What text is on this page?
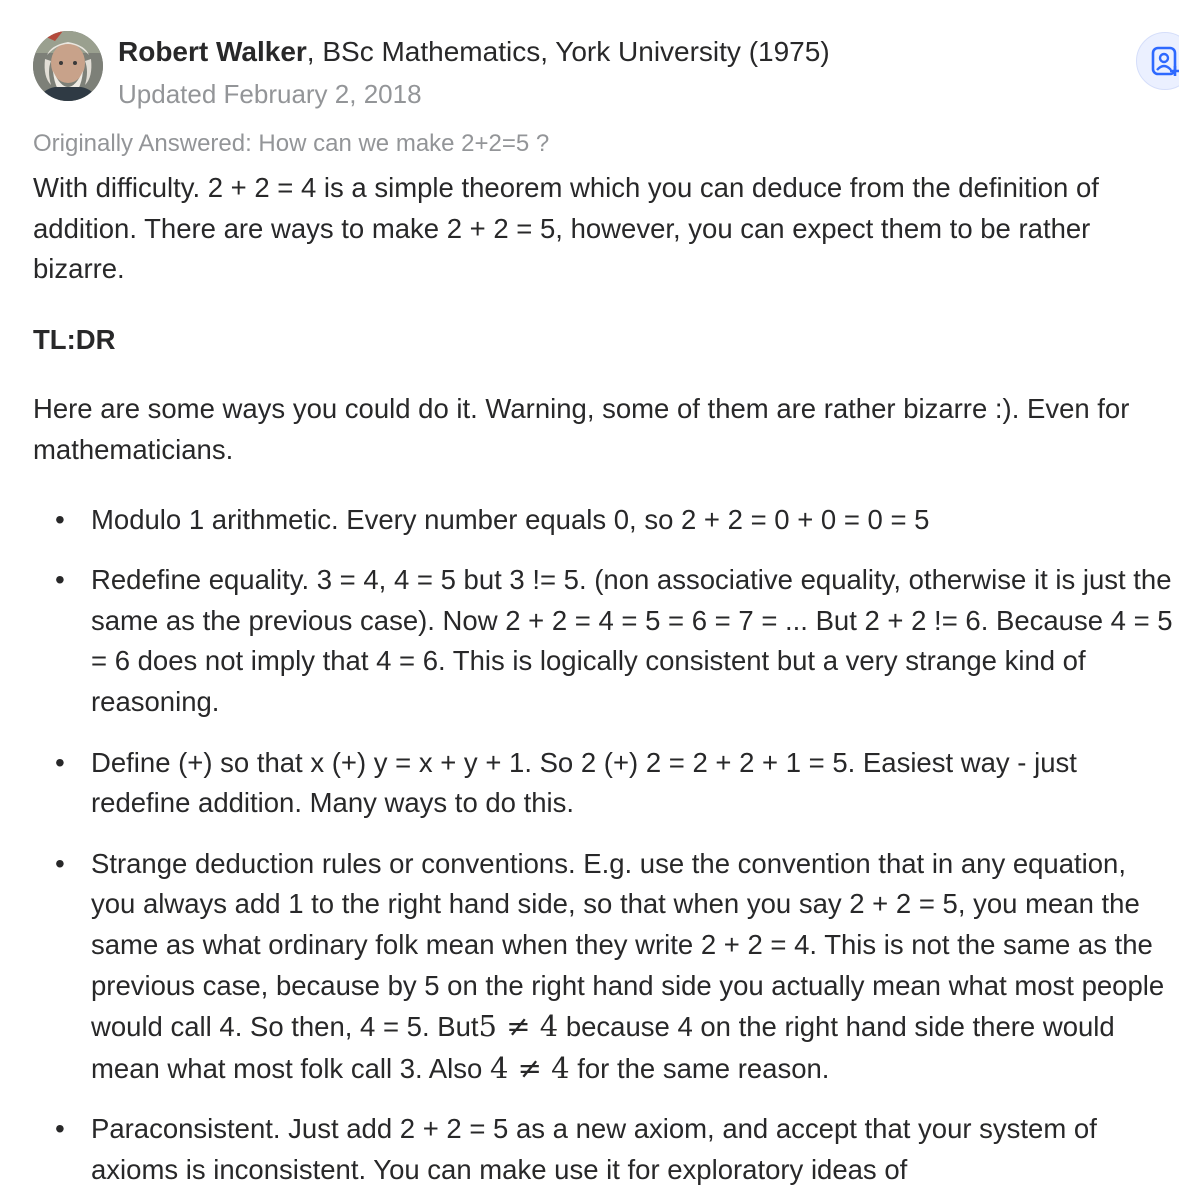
Robert Walker, BSc Mathematics, York University (1975)
Updated February 2, 2018
Originally Answered: How can we make 2+2=5 ?

With difficulty. 2 + 2 = 4 is a simple theorem which you can deduce from the definition of addition. There are ways to make 2 + 2 = 5, however, you can expect them to be rather bizarre.

TL:DR

Here are some ways you could do it. Warning, some of them are rather bizarre :). Even for mathematicians.

• Modulo 1 arithmetic. Every number equals 0, so 2 + 2 = 0 + 0 = 0 = 5
• Redefine equality. 3 = 4, 4 = 5 but 3 != 5. (non associative equality, otherwise it is just the same as the previous case). Now 2 + 2 = 4 = 5 = 6 = 7 = ... But 2 + 2 != 6. Because 4 = 5 = 6 does not imply that 4 = 6. This is logically consistent but a very strange kind of reasoning.
• Define (+) so that x (+) y = x + y + 1. So 2 (+) 2 = 2 + 2 + 1 = 5. Easiest way - just redefine addition. Many ways to do this.
• Strange deduction rules or conventions. E.g. use the convention that in any equation, you always add 1 to the right hand side, so that when you say 2 + 2 = 5, you mean the same as what ordinary folk mean when they write 2 + 2 = 4. This is not the same as the previous case, because by 5 on the right hand side you actually mean what most people would call 4. So then, 4 = 5. But5 ≠ 4 because 4 on the right hand side there would mean what most folk call 3. Also 4 ≠ 4 for the same reason.
• Paraconsistent. Just add 2 + 2 = 5 as a new axiom, and accept that your system of axioms is inconsistent. You can make use it for exploratory ideas of
